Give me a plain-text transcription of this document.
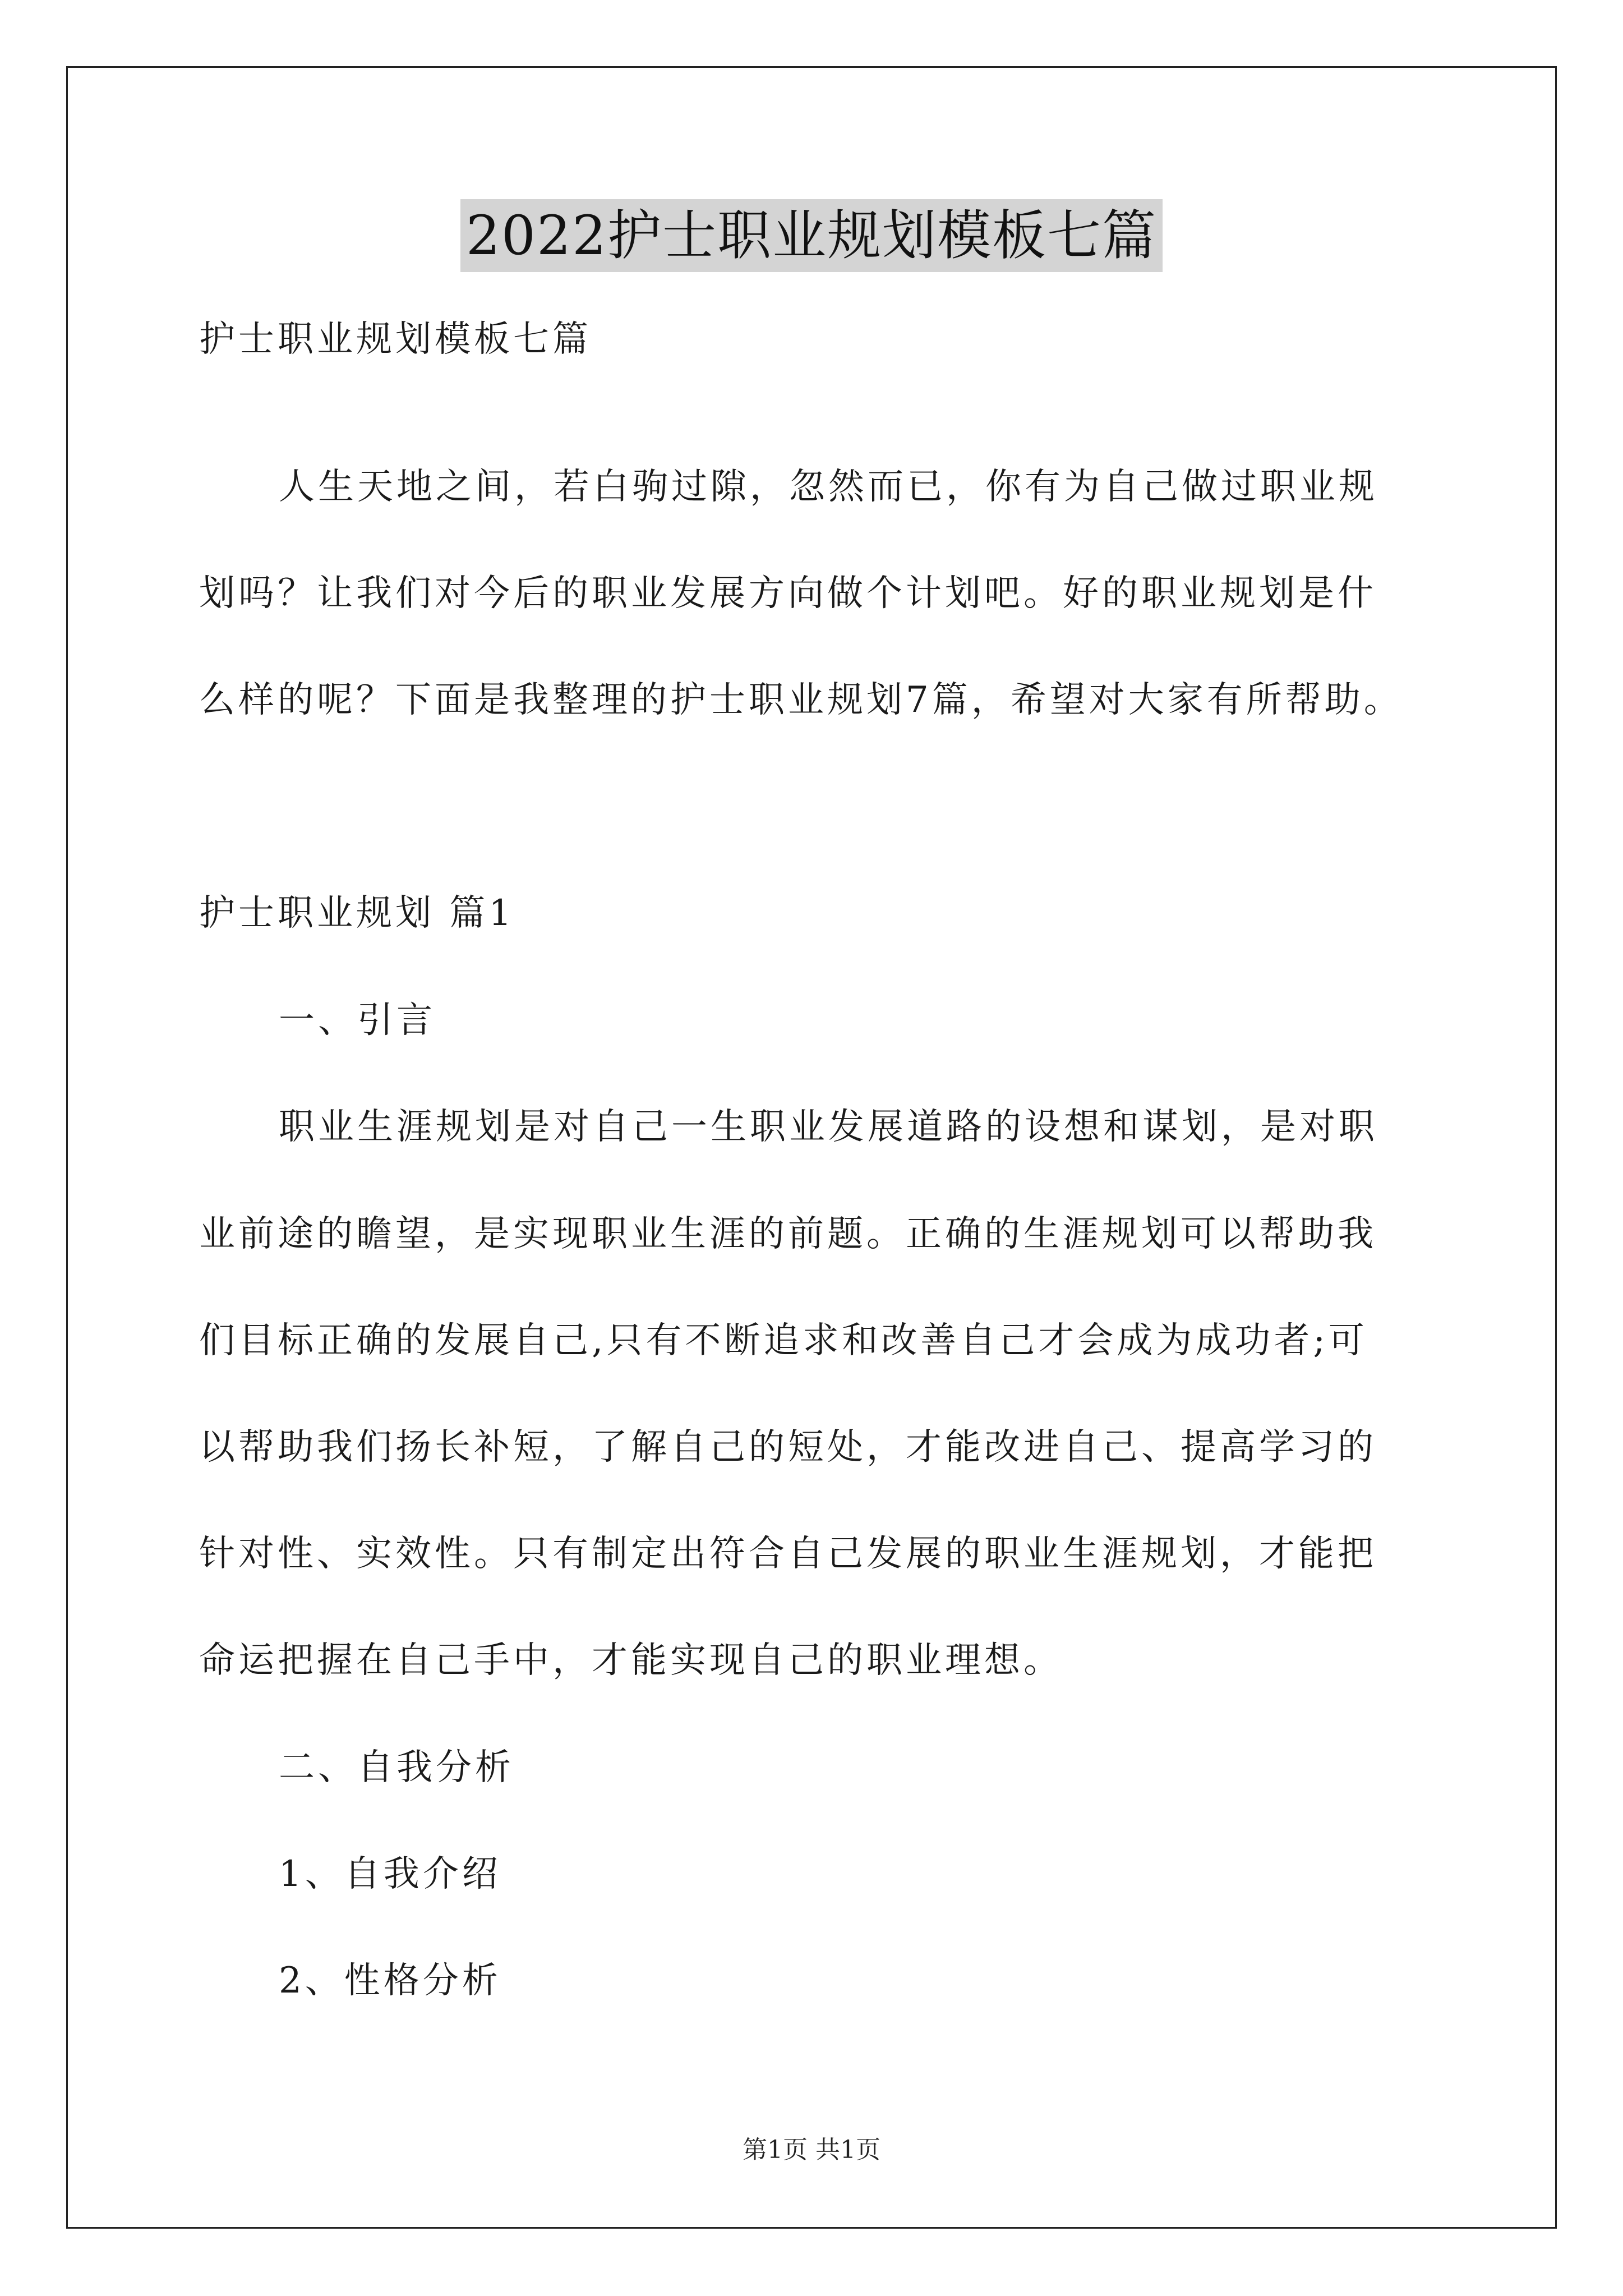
2022护士职业规划模板七篇
护士职业规划模板七篇
人生天地之间，若白驹过隙，忽然而已，你有为自己做过职业规
划吗？让我们对今后的职业发展方向做个计划吧。好的职业规划是什
么样的呢？下面是我整理的护士职业规划7篇，希望对大家有所帮助。
护士职业规划 篇1
一、引言
职业生涯规划是对自己一生职业发展道路的设想和谋划，是对职
业前途的瞻望，是实现职业生涯的前题。正确的生涯规划可以帮助我
们目标正确的发展自己,只有不断追求和改善自己才会成为成功者;可
以帮助我们扬长补短，了解自己的短处，才能改进自己、提高学习的
针对性、实效性。只有制定出符合自己发展的职业生涯规划，才能把
命运把握在自己手中，才能实现自己的职业理想。
二、自我分析
1、自我介绍
2、性格分析
第1页 共1页
